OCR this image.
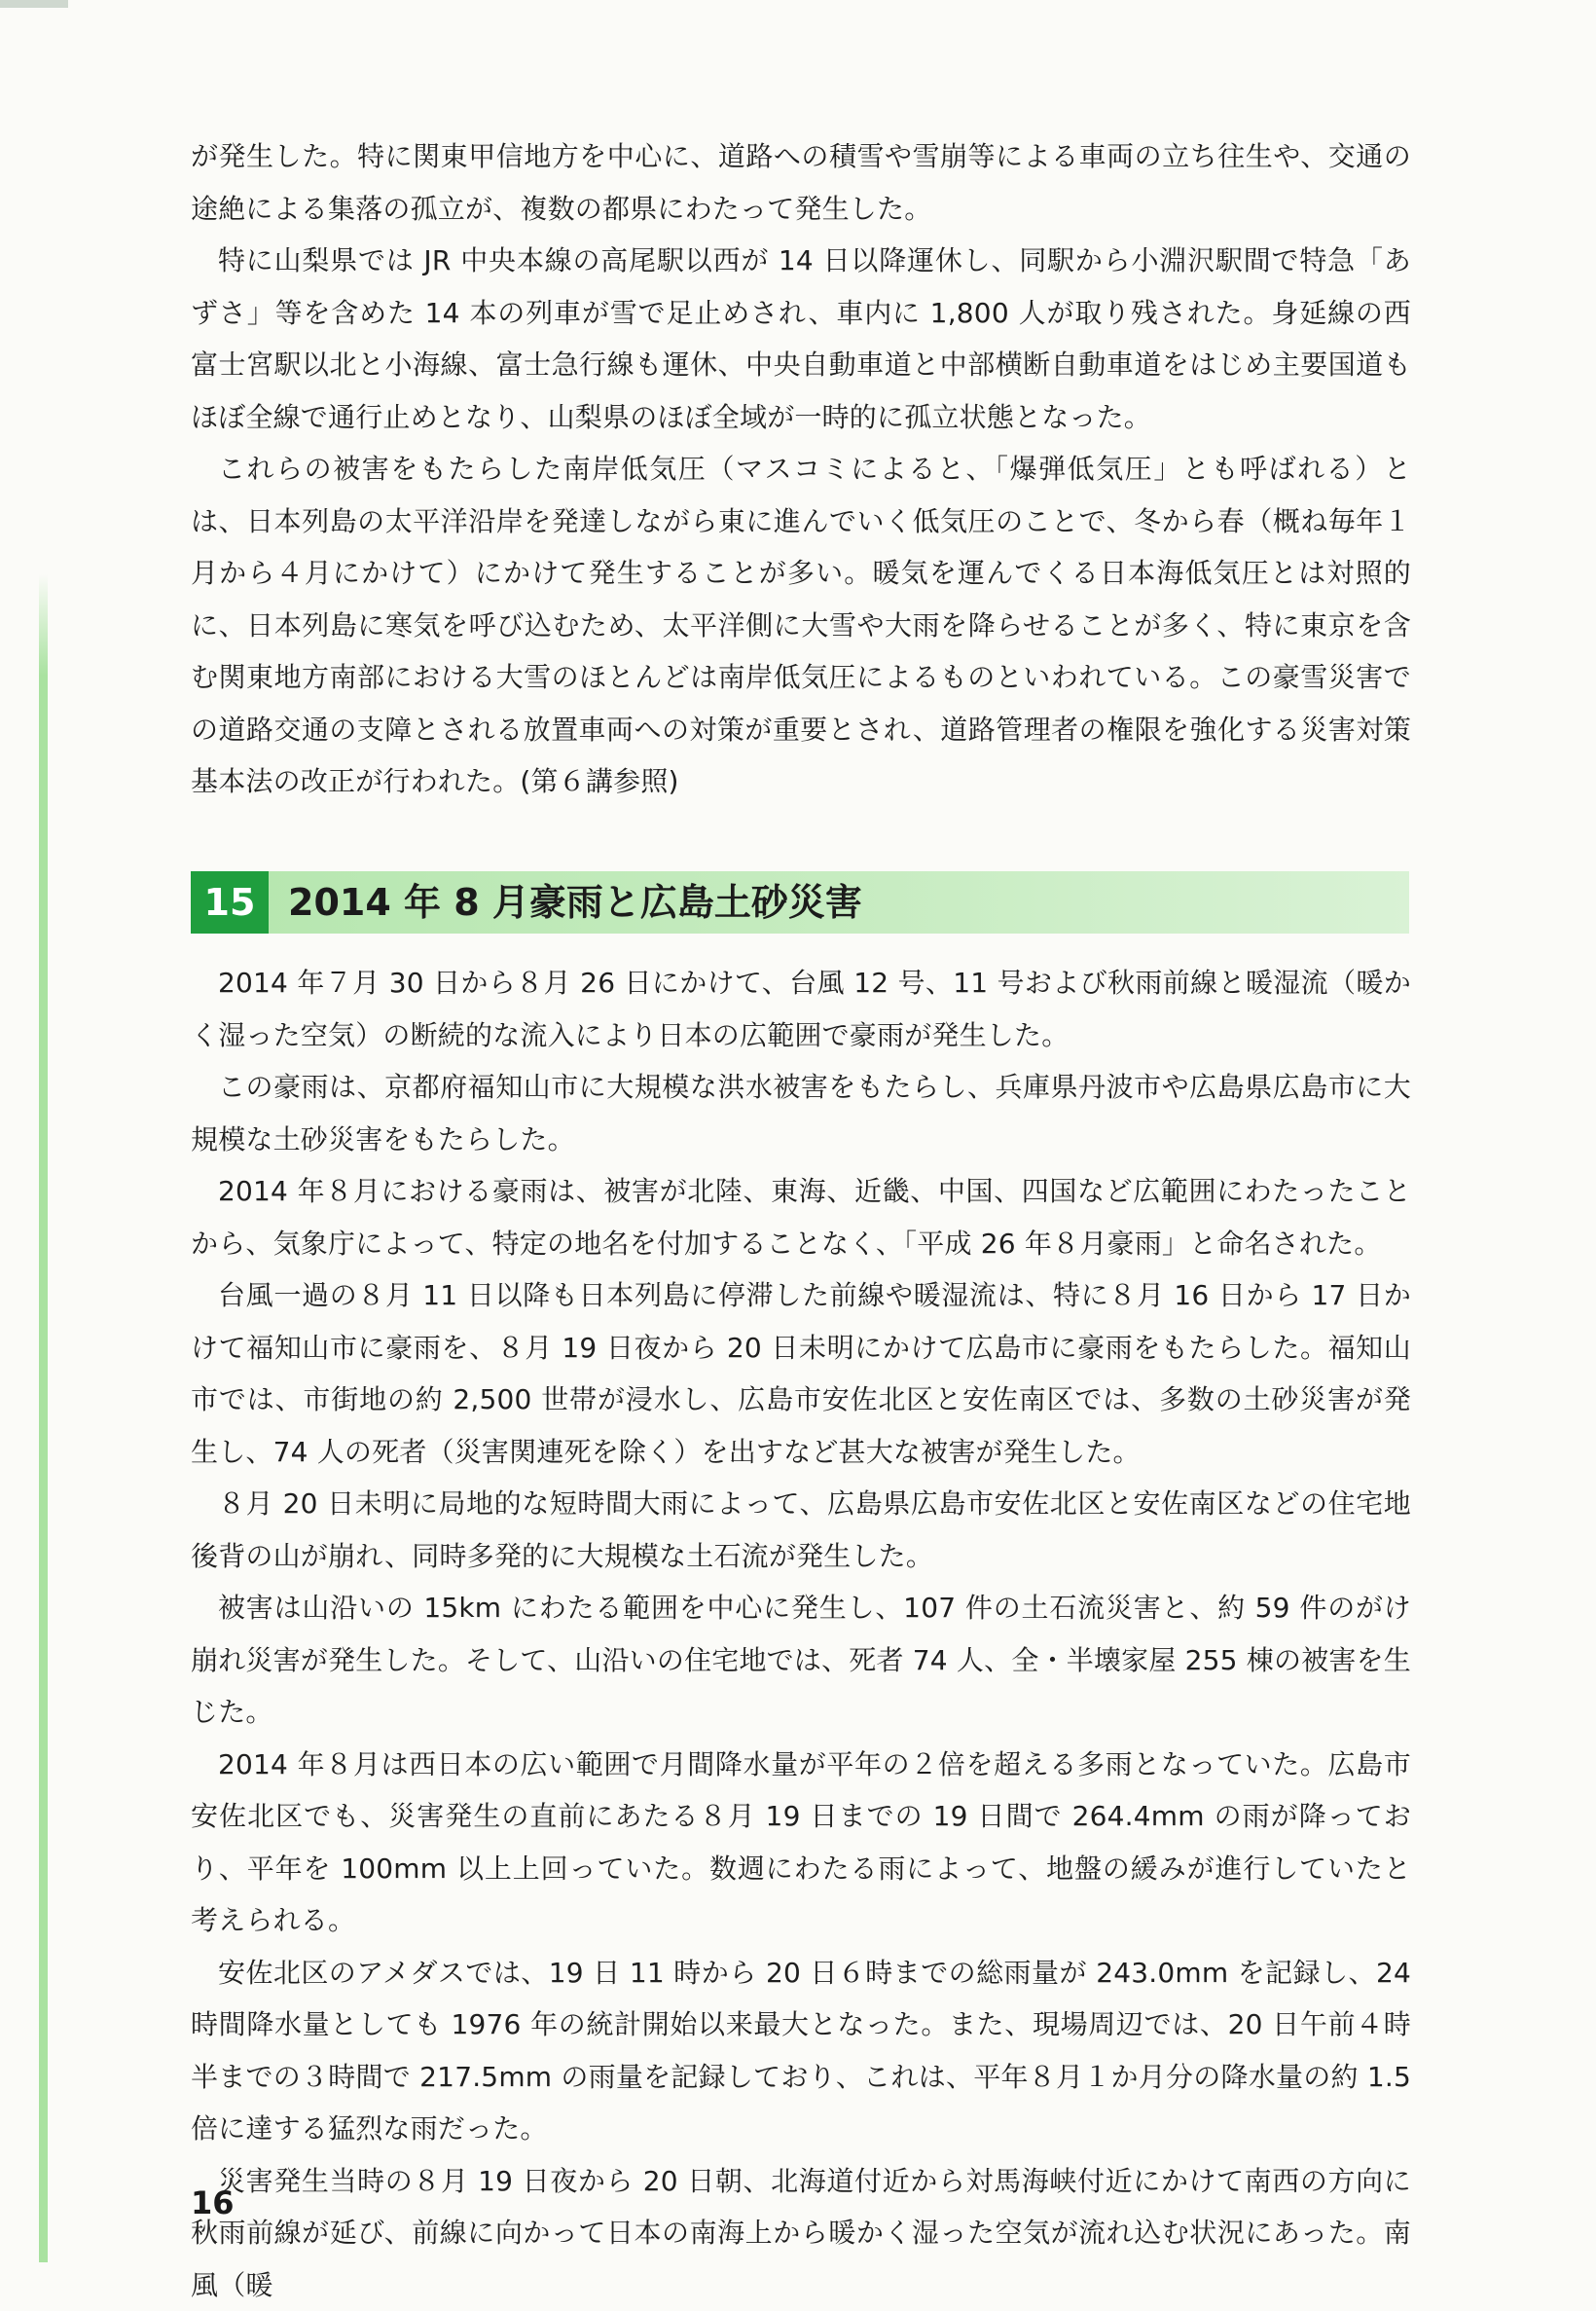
が発生した。特に関東甲信地方を中心に、道路への積雪や雪崩等による車両の立ち往生や、交通の途絶による集落の孤立が、複数の都県にわたって発生した。

特に山梨県では JR 中央本線の高尾駅以西が 14 日以降運休し、同駅から小淵沢駅間で特急「あずさ」等を含めた 14 本の列車が雪で足止めされ、車内に 1,800 人が取り残された。身延線の西富士宮駅以北と小海線、富士急行線も運休、中央自動車道と中部横断自動車道をはじめ主要国道もほぼ全線で通行止めとなり、山梨県のほぼ全域が一時的に孤立状態となった。

これらの被害をもたらした南岸低気圧（マスコミによると、「爆弾低気圧」とも呼ばれる）とは、日本列島の太平洋沿岸を発達しながら東に進んでいく低気圧のことで、冬から春（概ね毎年１月から４月にかけて）にかけて発生することが多い。暖気を運んでくる日本海低気圧とは対照的に、日本列島に寒気を呼び込むため、太平洋側に大雪や大雨を降らせることが多く、特に東京を含む関東地方南部における大雪のほとんどは南岸低気圧によるものといわれている。この豪雪災害での道路交通の支障とされる放置車両への対策が重要とされ、道路管理者の権限を強化する災害対策基本法の改正が行われた。(第６講参照)

15 2014 年 8 月豪雨と広島土砂災害

2014 年７月 30 日から８月 26 日にかけて、台風 12 号、11 号および秋雨前線と暖湿流（暖かく湿った空気）の断続的な流入により日本の広範囲で豪雨が発生した。

この豪雨は、京都府福知山市に大規模な洪水被害をもたらし、兵庫県丹波市や広島県広島市に大規模な土砂災害をもたらした。

2014 年８月における豪雨は、被害が北陸、東海、近畿、中国、四国など広範囲にわたったことから、気象庁によって、特定の地名を付加することなく、「平成 26 年８月豪雨」と命名された。

台風一過の８月 11 日以降も日本列島に停滞した前線や暖湿流は、特に８月 16 日から 17 日かけて福知山市に豪雨を、８月 19 日夜から 20 日未明にかけて広島市に豪雨をもたらした。福知山市では、市街地の約 2,500 世帯が浸水し、広島市安佐北区と安佐南区では、多数の土砂災害が発生し、74 人の死者（災害関連死を除く）を出すなど甚大な被害が発生した。

８月 20 日未明に局地的な短時間大雨によって、広島県広島市安佐北区と安佐南区などの住宅地後背の山が崩れ、同時多発的に大規模な土石流が発生した。

被害は山沿いの 15km にわたる範囲を中心に発生し、107 件の土石流災害と、約 59 件のがけ崩れ災害が発生した。そして、山沿いの住宅地では、死者 74 人、全・半壊家屋 255 棟の被害を生じた。

2014 年８月は西日本の広い範囲で月間降水量が平年の２倍を超える多雨となっていた。広島市安佐北区でも、災害発生の直前にあたる８月 19 日までの 19 日間で 264.4mm の雨が降っており、平年を 100mm 以上上回っていた。数週にわたる雨によって、地盤の緩みが進行していたと考えられる。

安佐北区のアメダスでは、19 日 11 時から 20 日６時までの総雨量が 243.0mm を記録し、24 時間降水量としても 1976 年の統計開始以来最大となった。また、現場周辺では、20 日午前４時半までの３時間で 217.5mm の雨量を記録しており、これは、平年８月１か月分の降水量の約 1.5 倍に達する猛烈な雨だった。

災害発生当時の８月 19 日夜から 20 日朝、北海道付近から対馬海峡付近にかけて南西の方向に秋雨前線が延び、前線に向かって日本の南海上から暖かく湿った空気が流れ込む状況にあった。南風（暖

16
